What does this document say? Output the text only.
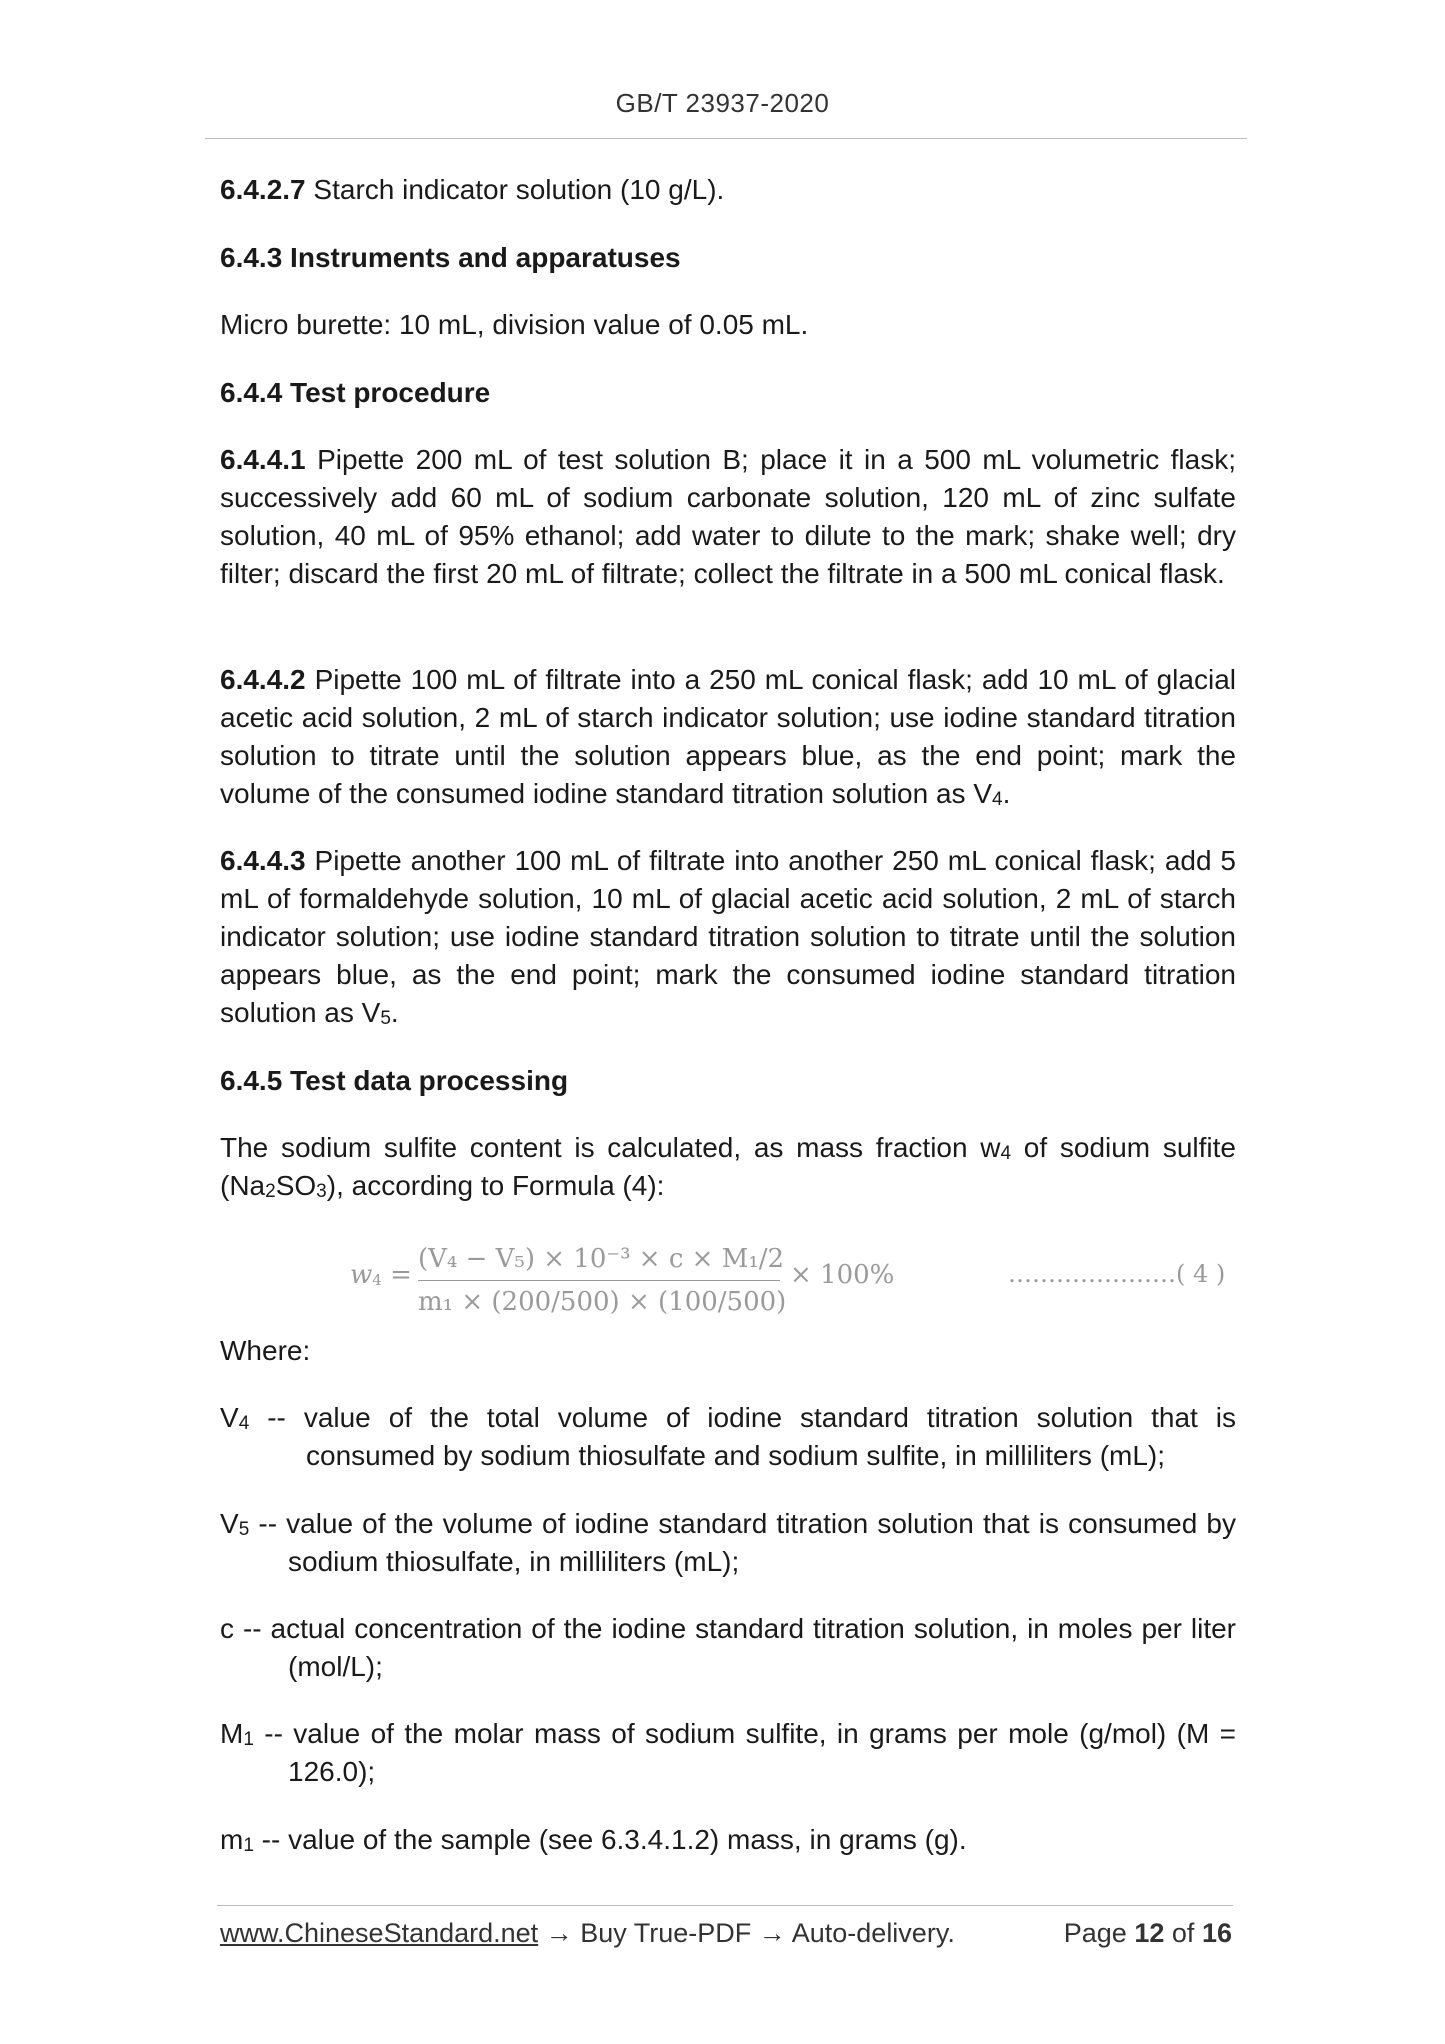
GB/T 23937-2020

6.4.2.7 Starch indicator solution (10 g/L).

6.4.3 Instruments and apparatuses

Micro burette: 10 mL, division value of 0.05 mL.

6.4.4 Test procedure

6.4.4.1 Pipette 200 mL of test solution B; place it in a 500 mL volumetric flask; successively add 60 mL of sodium carbonate solution, 120 mL of zinc sulfate solution, 40 mL of 95% ethanol; add water to dilute to the mark; shake well; dry filter; discard the first 20 mL of filtrate; collect the filtrate in a 500 mL conical flask.

6.4.4.2 Pipette 100 mL of filtrate into a 250 mL conical flask; add 10 mL of glacial acetic acid solution, 2 mL of starch indicator solution; use iodine standard titration solution to titrate until the solution appears blue, as the end point; mark the volume of the consumed iodine standard titration solution as $V_4$.

6.4.4.3 Pipette another 100 mL of filtrate into another 250 mL conical flask; add 5 mL of formaldehyde solution, 10 mL of glacial acetic acid solution, 2 mL of starch indicator solution; use iodine standard titration solution to titrate until the solution appears blue, as the end point; mark the consumed iodine standard titration solution as $V_5$.

6.4.5 Test data processing

The sodium sulfite content is calculated, as mass fraction $w_4$ of sodium sulfite $(Na_2SO_3)$, according to Formula (4):

$w_4$ =
(V₄ − V₅) × 10⁻³ × c × M₁/2
m₁ × (200/500) × (100/500)
× 100%	…………………( 4 )

Where:

$V_4$ -- value of the total volume of iodine standard titration solution that is consumed by sodium thiosulfate and sodium sulfite, in milliliters (mL);

$V_5$ -- value of the volume of iodine standard titration solution that is consumed by sodium thiosulfate, in milliliters (mL);

c -- actual concentration of the iodine standard titration solution, in moles per liter (mol/L);

$M_1$ -- value of the molar mass of sodium sulfite, in grams per mole (g/mol) (M = 126.0);

$m_1$ -- value of the sample (see 6.3.4.1.2) mass, in grams (g).

www.ChineseStandard.net → Buy True-PDF → Auto-delivery.	Page 12 of 16
